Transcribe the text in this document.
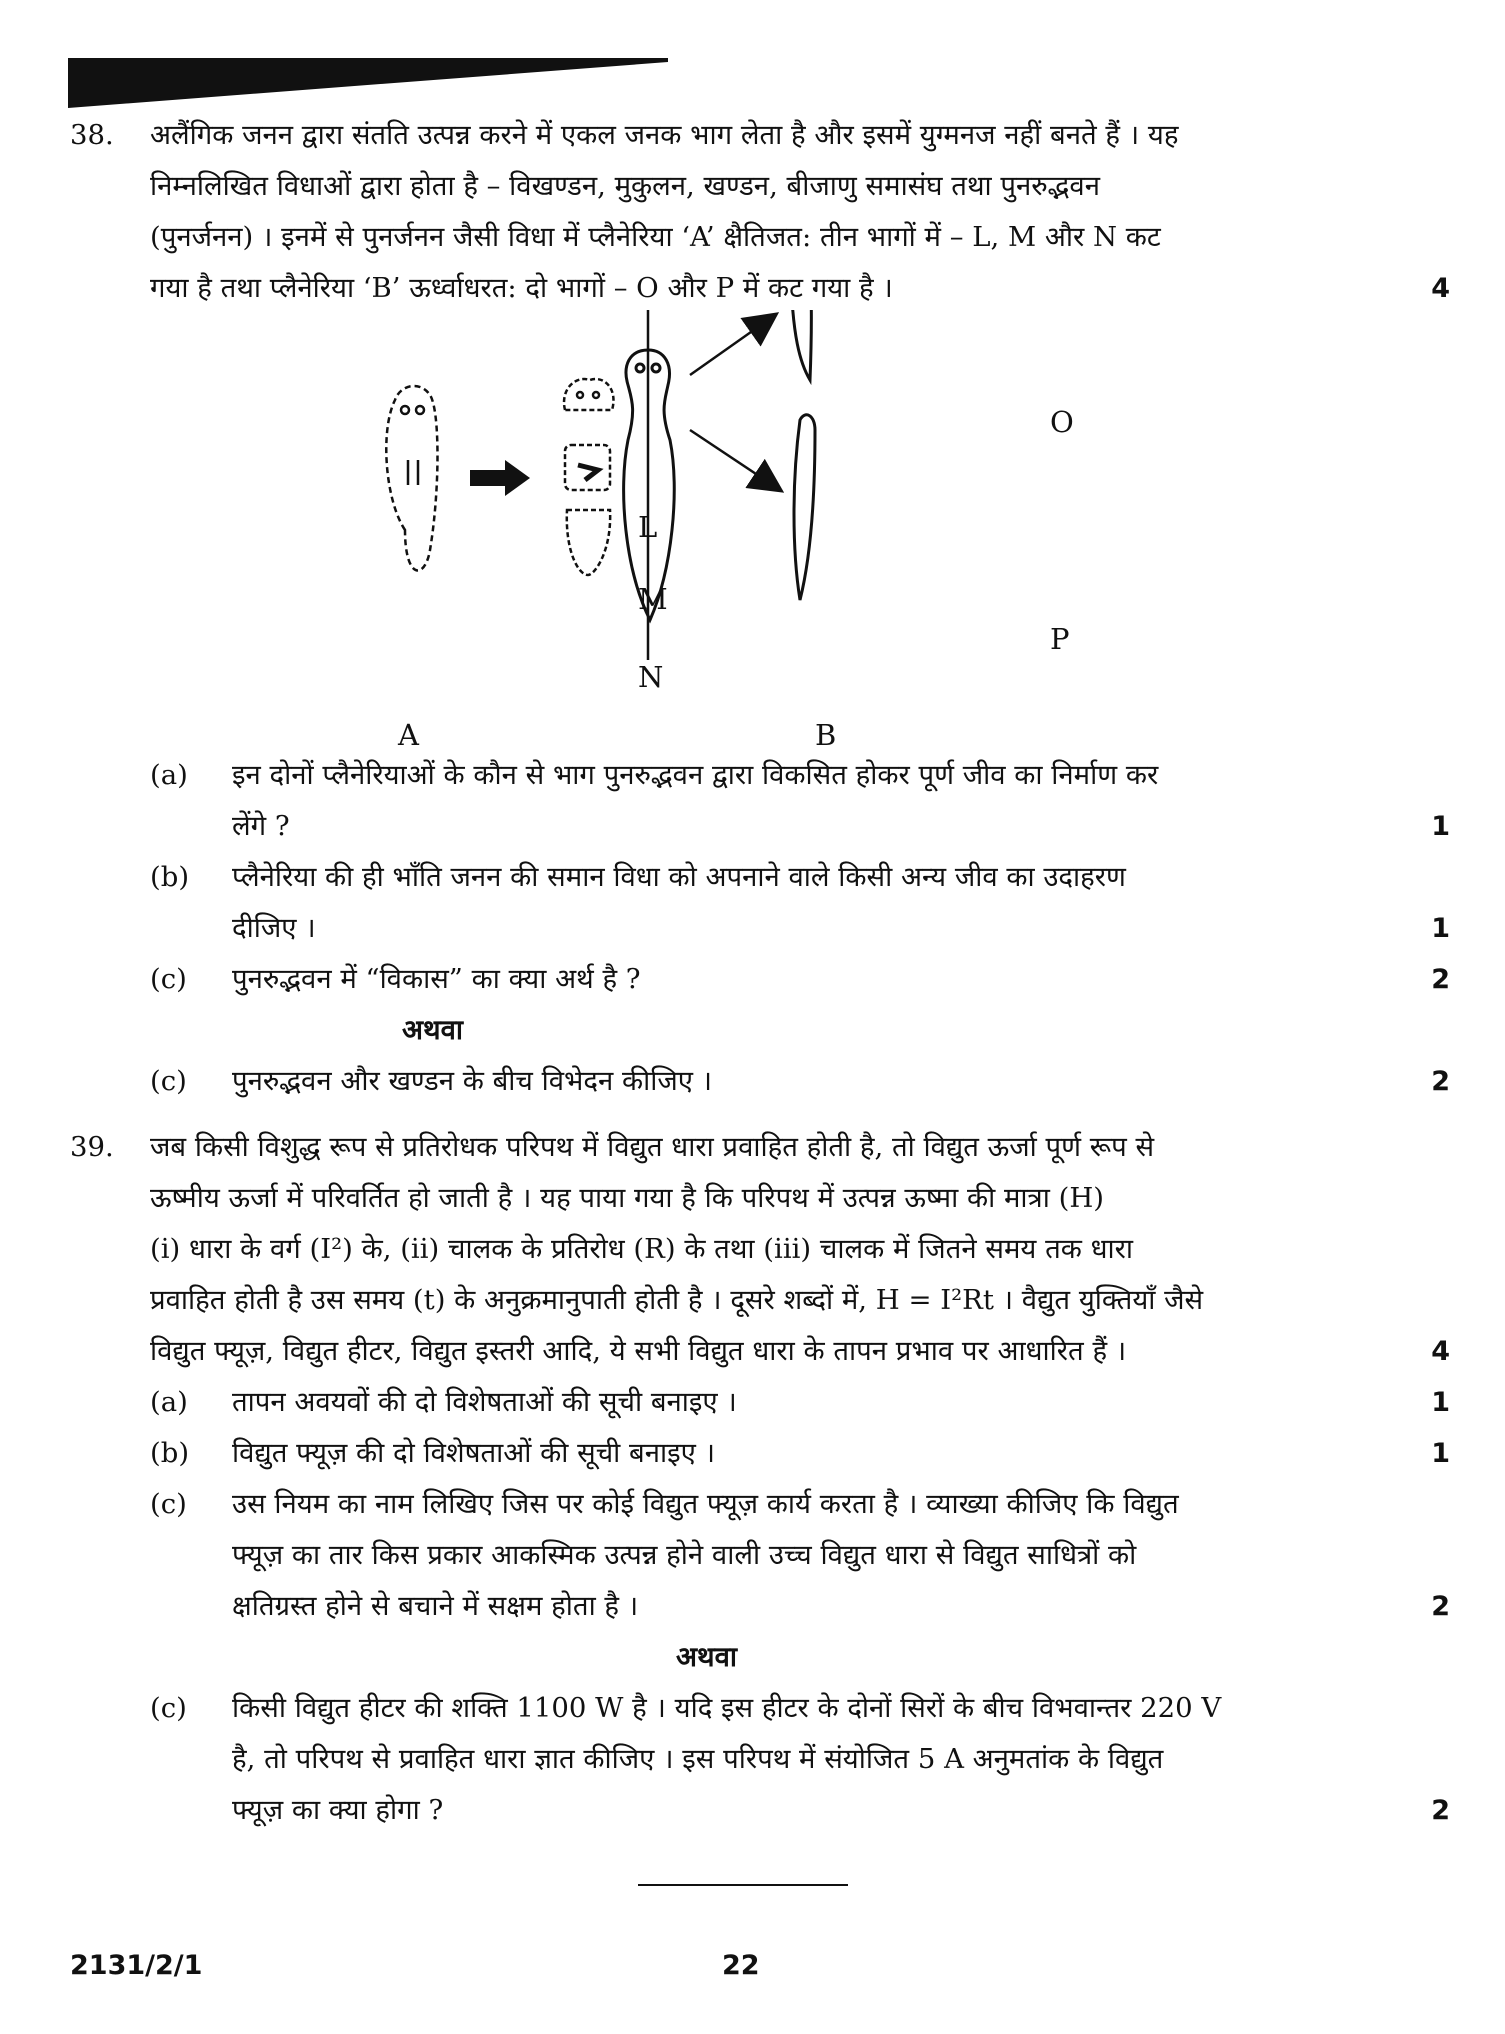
38. अलैंगिक जनन द्वारा संतति उत्पन्न करने में एकल जनक भाग लेता है और इसमें युग्मनज नहीं बनते हैं । यह
निम्नलिखित विधाओं द्वारा होता है – विखण्डन, मुकुलन, खण्डन, बीजाणु समासंघ तथा पुनरुद्भवन
(पुनर्जनन) । इनमें से पुनर्जनन जैसी विधा में प्लैनेरिया ‘A’ क्षैतिजत: तीन भागों में – L, M और N कट
गया है तथा प्लैनेरिया ‘B’ ऊर्ध्वाधरत: दो भागों – O और P में कट गया है ।	4
A
L
M
N
B
O
P
(a) इन दोनों प्लैनेरियाओं के कौन से भाग पुनरुद्भवन द्वारा विकसित होकर पूर्ण जीव का निर्माण कर
लेंगे ?	1
(b) प्लैनेरिया की ही भाँति जनन की समान विधा को अपनाने वाले किसी अन्य जीव का उदाहरण
दीजिए ।	1
(c) पुनरुद्भवन में “विकास” का क्या अर्थ है ?	2
अथवा
(c) पुनरुद्भवन और खण्डन के बीच विभेदन कीजिए ।	2
39. जब किसी विशुद्ध रूप से प्रतिरोधक परिपथ में विद्युत धारा प्रवाहित होती है, तो विद्युत ऊर्जा पूर्ण रूप से
ऊष्मीय ऊर्जा में परिवर्तित हो जाती है । यह पाया गया है कि परिपथ में उत्पन्न ऊष्मा की मात्रा (H)
(i) धारा के वर्ग (I²) के, (ii) चालक के प्रतिरोध (R) के तथा (iii) चालक में जितने समय तक धारा
प्रवाहित होती है उस समय (t) के अनुक्रमानुपाती होती है । दूसरे शब्दों में, H = I²Rt । वैद्युत युक्तियाँ जैसे
विद्युत फ्यूज़, विद्युत हीटर, विद्युत इस्तरी आदि, ये सभी विद्युत धारा के तापन प्रभाव पर आधारित हैं ।	4
(a) तापन अवयवों की दो विशेषताओं की सूची बनाइए ।	1
(b) विद्युत फ्यूज़ की दो विशेषताओं की सूची बनाइए ।	1
(c) उस नियम का नाम लिखिए जिस पर कोई विद्युत फ्यूज़ कार्य करता है । व्याख्या कीजिए कि विद्युत
फ्यूज़ का तार किस प्रकार आकस्मिक उत्पन्न होने वाली उच्च विद्युत धारा से विद्युत साधित्रों को
क्षतिग्रस्त होने से बचाने में सक्षम होता है ।	2
अथवा
(c) किसी विद्युत हीटर की शक्ति 1100 W है । यदि इस हीटर के दोनों सिरों के बीच विभवान्तर 220 V
है, तो परिपथ से प्रवाहित धारा ज्ञात कीजिए । इस परिपथ में संयोजित 5 A अनुमतांक के विद्युत
फ्यूज़ का क्या होगा ?	2
2131/2/1	22
